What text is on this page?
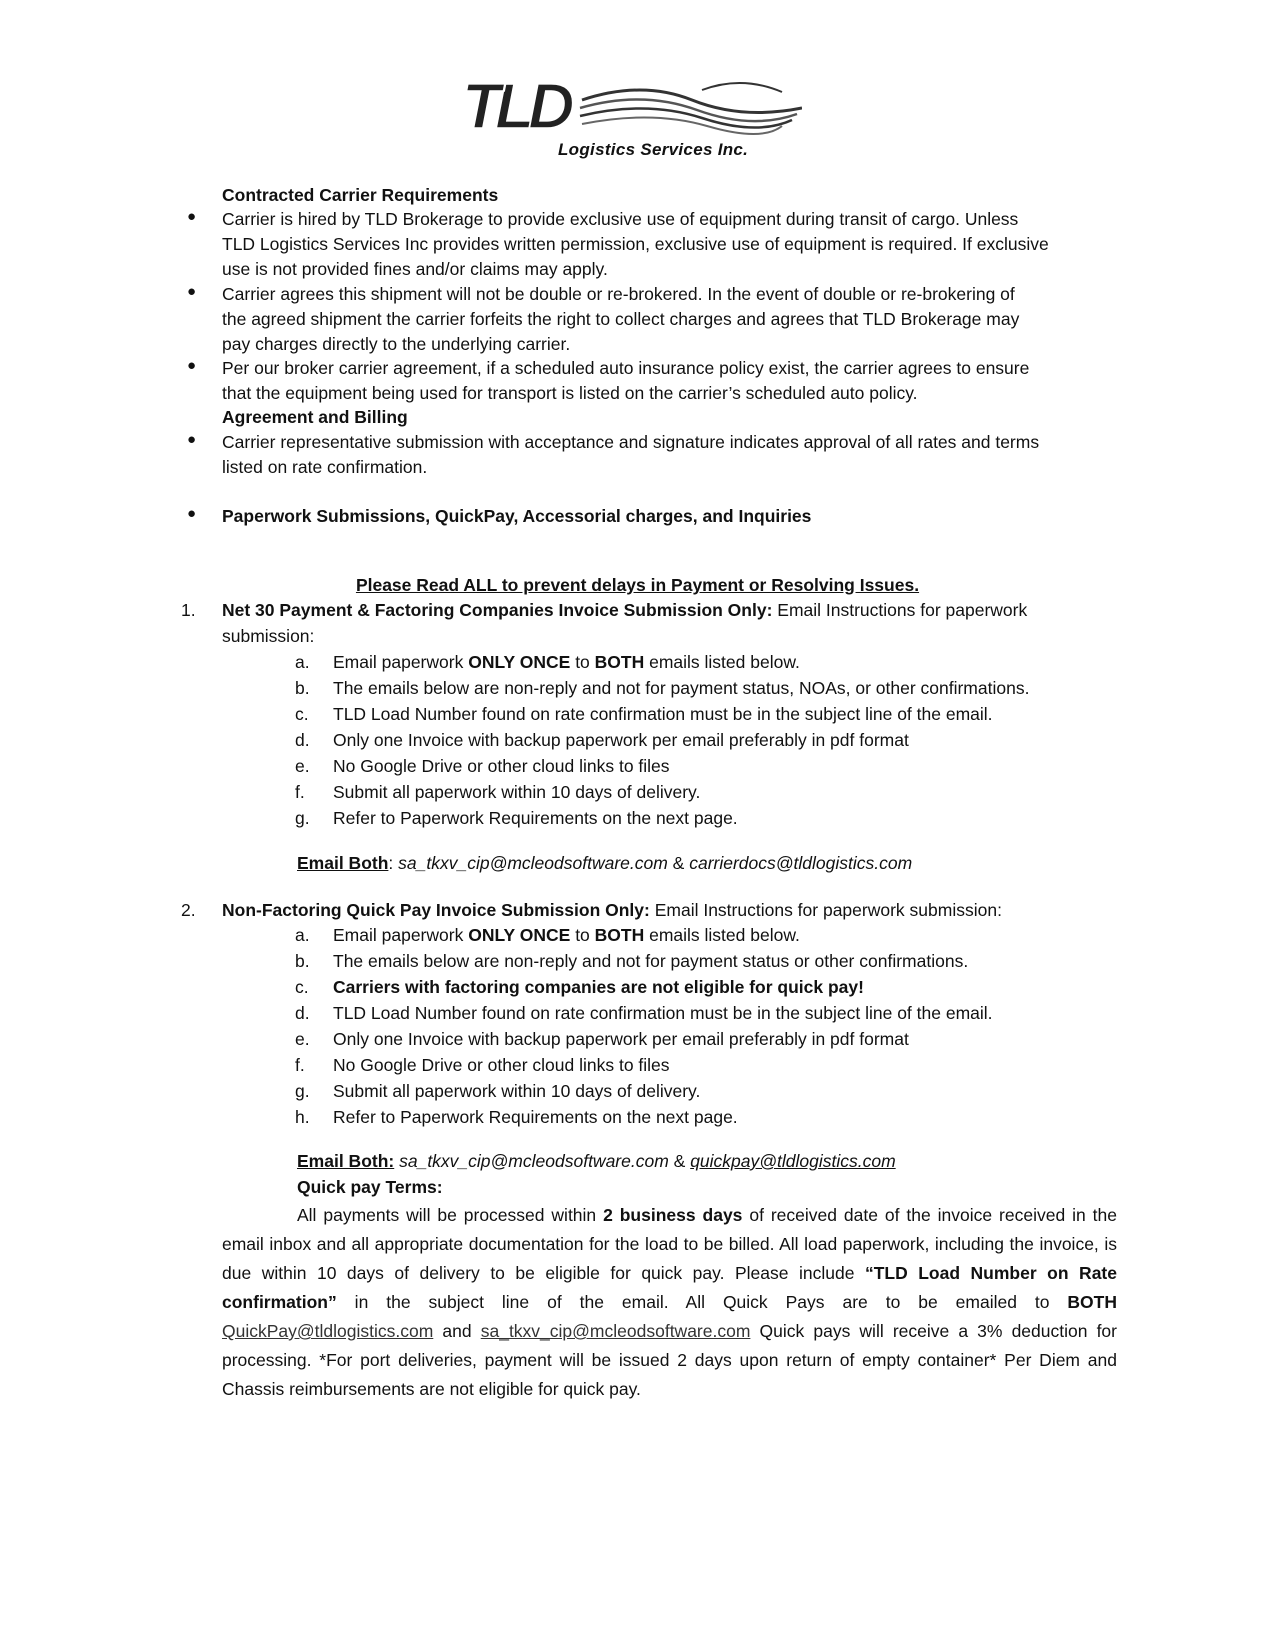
TLD
Logistics Services Inc.
Contracted Carrier Requirements
● Carrier is hired by TLD Brokerage to provide exclusive use of equipment during transit of cargo. Unless
TLD Logistics Services Inc provides written permission, exclusive use of equipment is required. If exclusive
use is not provided fines and/or claims may apply.
● Carrier agrees this shipment will not be double or re-brokered. In the event of double or re-brokering of
the agreed shipment the carrier forfeits the right to collect charges and agrees that TLD Brokerage may
pay charges directly to the underlying carrier.
● Per our broker carrier agreement, if a scheduled auto insurance policy exist, the carrier agrees to ensure
that the equipment being used for transport is listed on the carrier’s scheduled auto policy.
Agreement and Billing
● Carrier representative submission with acceptance and signature indicates approval of all rates and terms
listed on rate confirmation.
● Paperwork Submissions, QuickPay, Accessorial charges, and Inquiries
Please Read ALL to prevent delays in Payment or Resolving Issues.
1. Net 30 Payment & Factoring Companies Invoice Submission Only: Email Instructions for paperwork
submission:
a. Email paperwork ONLY ONCE to BOTH emails listed below.
b. The emails below are non-reply and not for payment status, NOAs, or other confirmations.
c. TLD Load Number found on rate confirmation must be in the subject line of the email.
d. Only one Invoice with backup paperwork per email preferably in pdf format
e. No Google Drive or other cloud links to files
f. Submit all paperwork within 10 days of delivery.
g. Refer to Paperwork Requirements on the next page.
Email Both: sa_tkxv_cip@mcleodsoftware.com & carrierdocs@tldlogistics.com
2. Non-Factoring Quick Pay Invoice Submission Only: Email Instructions for paperwork submission:
a. Email paperwork ONLY ONCE to BOTH emails listed below.
b. The emails below are non-reply and not for payment status or other confirmations.
c. Carriers with factoring companies are not eligible for quick pay!
d. TLD Load Number found on rate confirmation must be in the subject line of the email.
e. Only one Invoice with backup paperwork per email preferably in pdf format
f. No Google Drive or other cloud links to files
g. Submit all paperwork within 10 days of delivery.
h. Refer to Paperwork Requirements on the next page.
Email Both: sa_tkxv_cip@mcleodsoftware.com & quickpay@tldlogistics.com
Quick pay Terms:
All payments will be processed within 2 business days of received date of the invoice received in the email inbox and all appropriate documentation for the load to be billed. All load paperwork, including the invoice, is due within 10 days of delivery to be eligible for quick pay. Please include “TLD Load Number on Rate confirmation” in the subject line of the email. All Quick Pays are to be emailed to BOTH QuickPay@tldlogistics.com and sa_tkxv_cip@mcleodsoftware.com Quick pays will receive a 3% deduction for processing. *For port deliveries, payment will be issued 2 days upon return of empty container* Per Diem and Chassis reimbursements are not eligible for quick pay.
